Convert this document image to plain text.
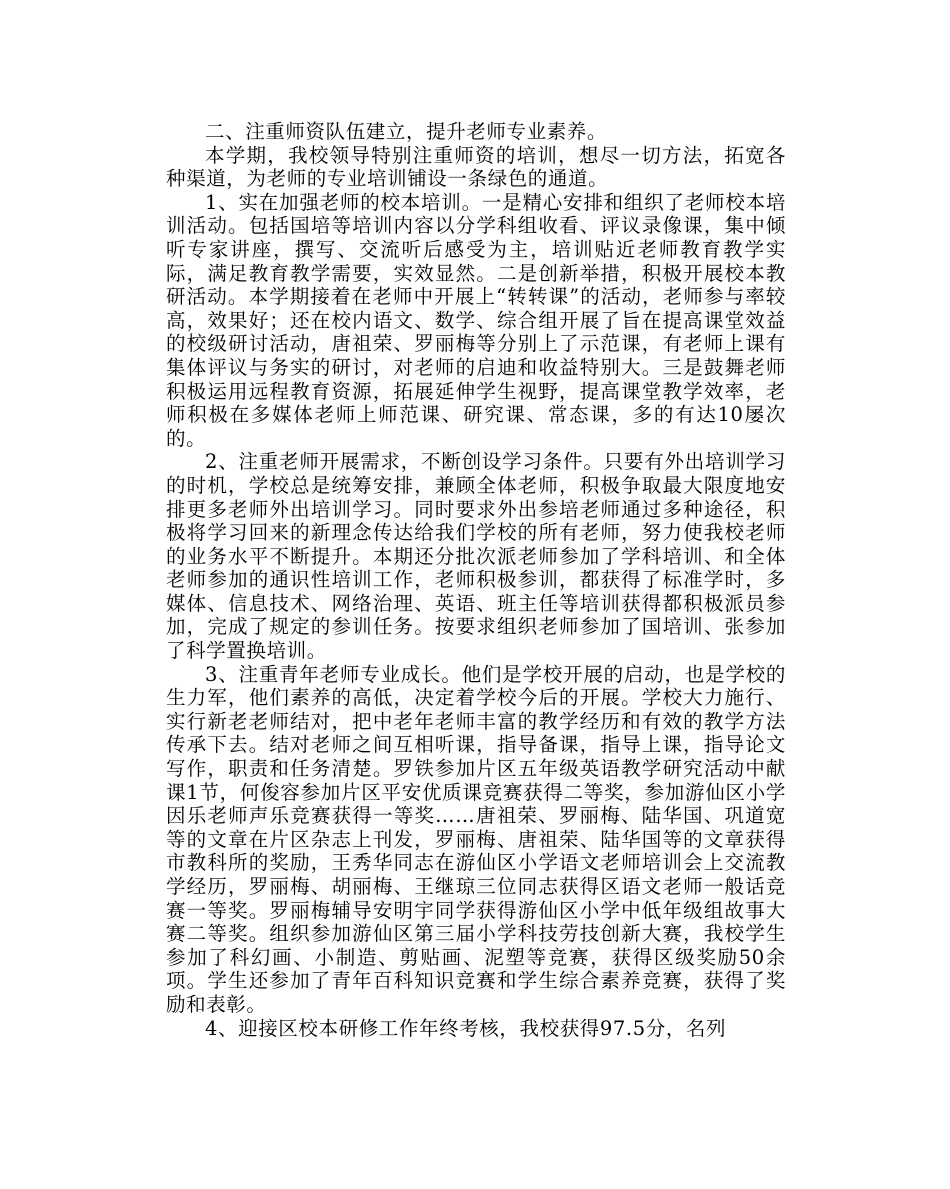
二、注重师资队伍建立，提升老师专业素养。

本学期，我校领导特别注重师资的培训，想尽一切方法，拓宽各种渠道，为老师的专业培训铺设一条绿色的通道。

1、实在加强老师的校本培训。一是精心安排和组织了老师校本培训活动。包括国培等培训内容以分学科组收看、评议录像课，集中倾听专家讲座，撰写、交流听后感受为主，培训贴近老师教育教学实际，满足教育教学需要，实效显然。二是创新举措，积极开展校本教研活动。本学期接着在老师中开展上“转转课”的活动，老师参与率较高，效果好；还在校内语文、数学、综合组开展了旨在提高课堂效益的校级研讨活动，唐祖荣、罗丽梅等分别上了示范课，有老师上课有集体评议与务实的研讨，对老师的启迪和收益特别大。三是鼓舞老师积极运用远程教育资源，拓展延伸学生视野，提高课堂教学效率，老师积极在多媒体老师上师范课、研究课、常态课，多的有达10屡次的。

2、注重老师开展需求，不断创设学习条件。只要有外出培训学习的时机，学校总是统筹安排，兼顾全体老师，积极争取最大限度地安排更多老师外出培训学习。同时要求外出参培老师通过多种途径，积极将学习回来的新理念传达给我们学校的所有老师，努力使我校老师的业务水平不断提升。本期还分批次派老师参加了学科培训、和全体老师参加的通识性培训工作，老师积极参训，都获得了标准学时，多媒体、信息技术、网络治理、英语、班主任等培训获得都积极派员参加，完成了规定的参训任务。按要求组织老师参加了国培训、张参加了科学置换培训。

3、注重青年老师专业成长。他们是学校开展的启动，也是学校的生力军，他们素养的高低，决定着学校今后的开展。学校大力施行、实行新老老师结对，把中老年老师丰富的教学经历和有效的教学方法传承下去。结对老师之间互相听课，指导备课，指导上课，指导论文写作，职责和任务清楚。罗铁参加片区五年级英语教学研究活动中献课1节，何俊容参加片区平安优质课竞赛获得二等奖，参加游仙区小学因乐老师声乐竞赛获得一等奖……唐祖荣、罗丽梅、陆华国、巩道宽等的文章在片区杂志上刊发，罗丽梅、唐祖荣、陆华国等的文章获得市教科所的奖励，王秀华同志在游仙区小学语文老师培训会上交流教学经历，罗丽梅、胡丽梅、王继琼三位同志获得区语文老师一般话竞赛一等奖。罗丽梅辅导安明宇同学获得游仙区小学中低年级组故事大赛二等奖。组织参加游仙区第三届小学科技劳技创新大赛，我校学生参加了科幻画、小制造、剪贴画、泥塑等竞赛，获得区级奖励50余项。学生还参加了青年百科知识竞赛和学生综合素养竞赛，获得了奖励和表彰。

4、迎接区校本研修工作年终考核，我校获得97.5分，名列
